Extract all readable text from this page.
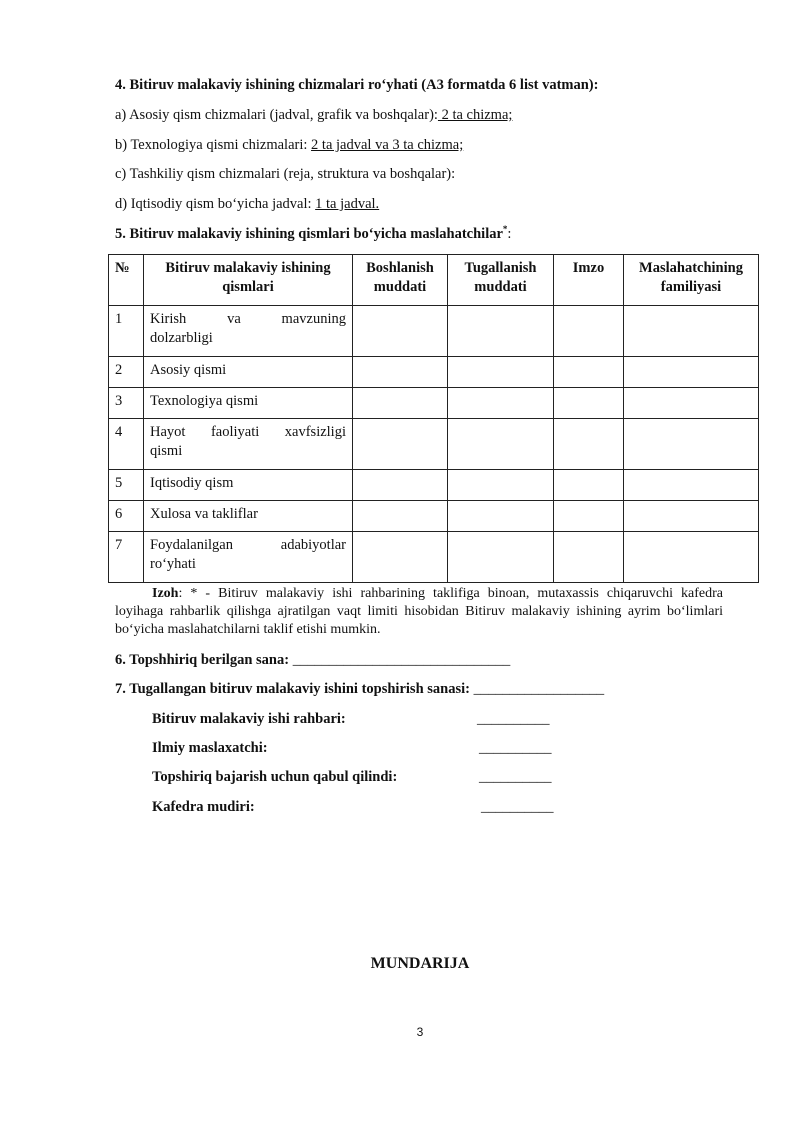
4. Bitiruv malakaviy ishining chizmalari ro‘yhati (A3 formatda 6 list vatman):
a) Asosiy qism chizmalari (jadval, grafik va boshqalar): 2 ta chizma;
b) Texnologiya qismi chizmalari: 2 ta jadval va 3 ta chizma;
c) Tashkiliy qism chizmalari (reja, struktura va boshqalar):
d) Iqtisodiy qism bo‘yicha jadval: 1 ta jadval.
5. Bitiruv malakaviy ishining qismlari bo‘yicha maslahatchilar*:
№	Bitiruv malakaviy ishining qismlari	Boshlanish muddati	Tugallanish muddati	Imzo	Maslahatchining familiyasi
1	Kirish va mavzuning
dolzarbligi				

2	Asosiy qismi				
3	Texnologiya qismi				
4	Hayot faoliyati xavfsizligi
qismi				

5	Iqtisodiy qism				
6	Xulosa va takliflar				
7	Foydalanilgan adabiyotlar
ro‘yhati				

Izoh: * - Bitiruv malakaviy ishi rahbarining taklifiga binoan, mutaxassis chiqaruvchi kafedra loyihaga rahbarlik qilishga ajratilgan vaqt limiti hisobidan Bitiruv malakaviy ishining ayrim bo‘limlari bo‘yicha maslahatchilarni taklif etishi mumkin.
6. Topshhiriq berilgan sana: ______________________________
7. Tugallangan bitiruv malakaviy ishini topshirish sanasi: __________________
Bitiruv malakaviy ishi rahbari:	__________
Ilmiy maslaxatchi:	__________
Topshiriq bajarish uchun qabul qilindi:	__________
Kafedra mudiri:	__________
MUNDARIJA
3
